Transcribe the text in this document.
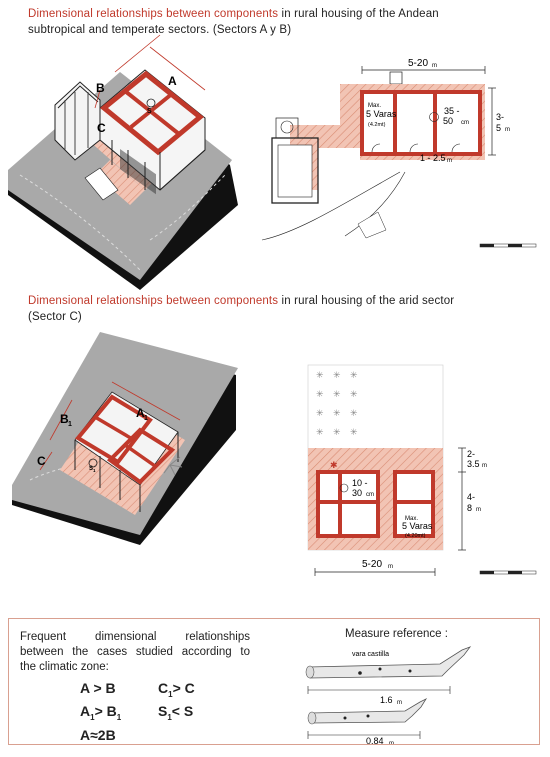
Dimensional relationships between components in rural housing of the Andean
subtropical and temperate sectors. (Sectors A y B)
Dimensional relationships between components in rural housing of the arid sector
(Sector C)
A
B
C
S
5-20 m
Max.
5 Varas
(4.2mt)
35 -
50 cm
1 - 2.5 m
3-
5 m
A 1
B 1
C
S 1
✳ ✳ ✳
✳ ✳ ✳
✳ ✳ ✳
✳ ✳ ✳
✱
10 -
30 cm
Max.
5 Varas
(4.20mt)
2-
3.5 m
4-
8 m
5-20 m
vara castilla
1.6 m
0.84 m
Frequent dimensional relationships
between the cases studied according to
the climatic zone:
A > B	$C_1> C$
$A_1> B_1$	$S_1< S$
A≈2B
Measure reference :
